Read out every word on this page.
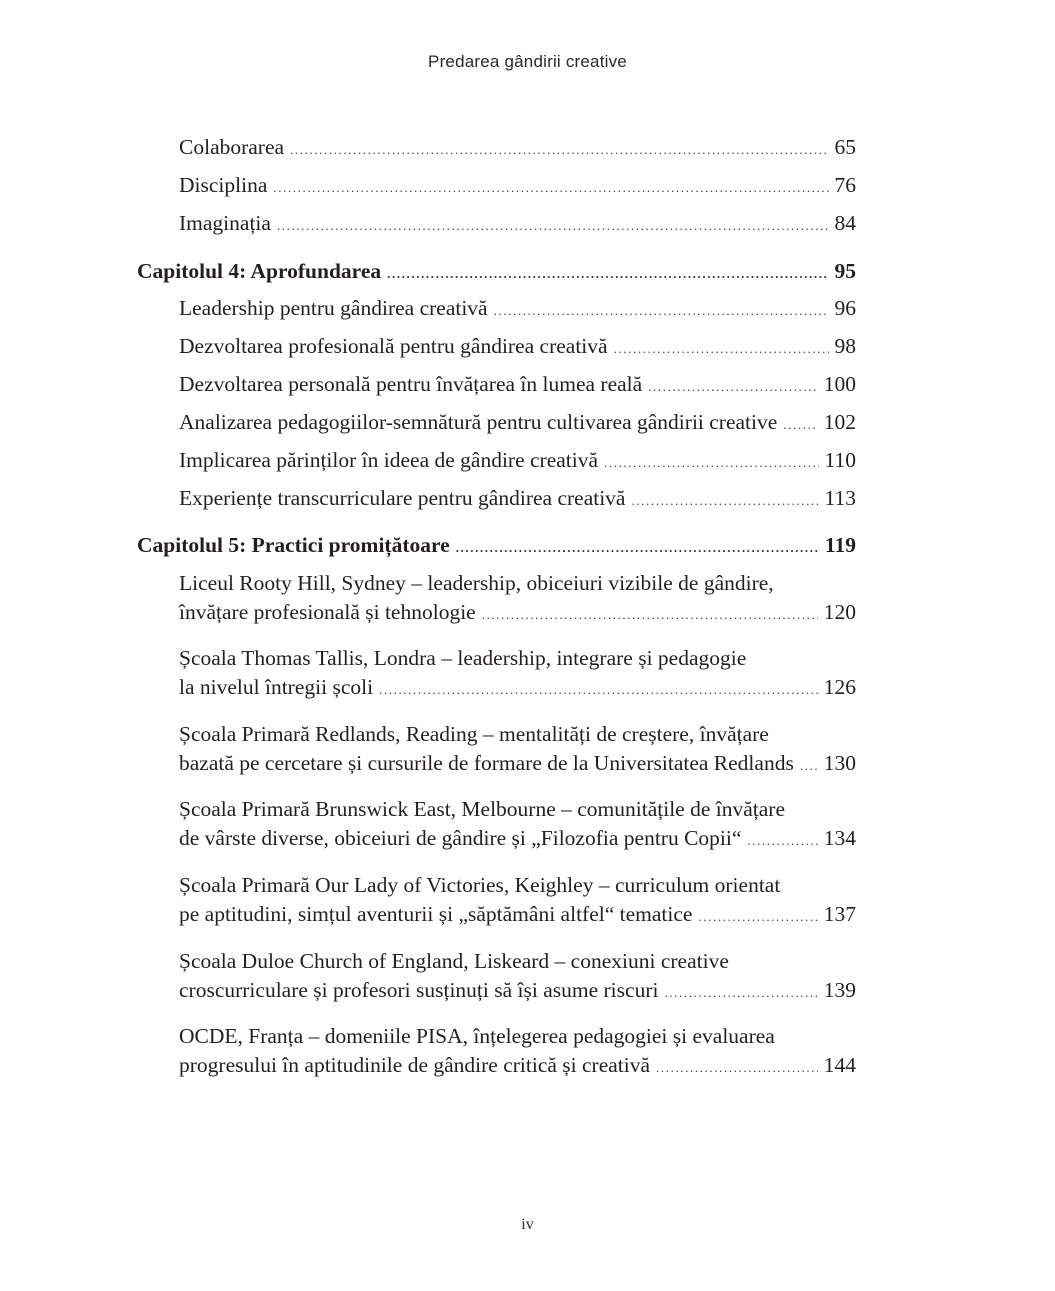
Predarea gândirii creative
Colaborarea .....	65
Disciplina .....	76
Imaginația .....	84
Capitolul 4: Aprofundarea .....	95
Leadership pentru gândirea creativă .....	96
Dezvoltarea profesională pentru gândirea creativă .....	98
Dezvoltarea personală pentru învățarea în lumea reală .....	100
Analizarea pedagogiilor-semnătură pentru cultivarea gândirii creative ..... 102
Implicarea părinților în ideea de gândire creativă .....	110
Experiențe transcurriculare pentru gândirea creativă .....	113
Capitolul 5: Practici promițătoare .....	119
Liceul Rooty Hill, Sydney – leadership, obiceiuri vizibile de gândire,
învățare profesională și tehnologie .....	120
Școala Thomas Tallis, Londra – leadership, integrare și pedagogie
la nivelul întregii școli .....	126
Școala Primară Redlands, Reading – mentalități de creștere, învățare
bazată pe cercetare și cursurile de formare de la Universitatea Redlands ..... 130
Școala Primară Brunswick East, Melbourne – comunitățile de învățare
de vârste diverse, obiceiuri de gândire și „Filozofia pentru Copii“ .....	134
Școala Primară Our Lady of Victories, Keighley – curriculum orientat
pe aptitudini, simțul aventurii și „săptămâni altfel“ tematice .....	137
Școala Duloe Church of England, Liskeard – conexiuni creative
croscurriculare și profesori susținuți să își asume riscuri .....	139
OCDE, Franța – domeniile PISA, înțelegerea pedagogiei și evaluarea
progresului în aptitudinile de gândire critică și creativă .....	144
iv
